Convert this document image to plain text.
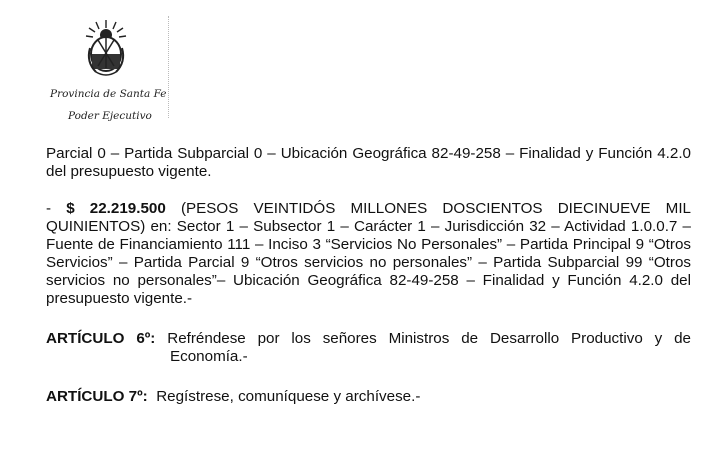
Provincia de Santa Fe
Poder Ejecutivo
Parcial 0 – Partida Subparcial 0 – Ubicación Geográfica 82-49-258 – Finalidad y Función 4.2.0 del presupuesto vigente.
- $ 22.219.500 (PESOS VEINTIDÓS MILLONES DOSCIENTOS DIECINUEVE MIL QUINIENTOS) en: Sector 1 – Subsector 1 – Carácter 1 – Jurisdicción 32 – Actividad 1.0.0.7 – Fuente de Financiamiento 111 – Inciso 3 “Servicios No Personales” – Partida Principal 9 “Otros Servicios” – Partida Parcial 9 “Otros servicios no personales” – Partida Subparcial 99 “Otros servicios no personales”– Ubicación Geográfica 82-49-258 – Finalidad y Función 4.2.0 del presupuesto vigente.-
ARTÍCULO 6º: Refréndese por los señores Ministros de Desarrollo Productivo y de
Economía.-
ARTÍCULO 7º: Regístrese, comuníquese y archívese.-
